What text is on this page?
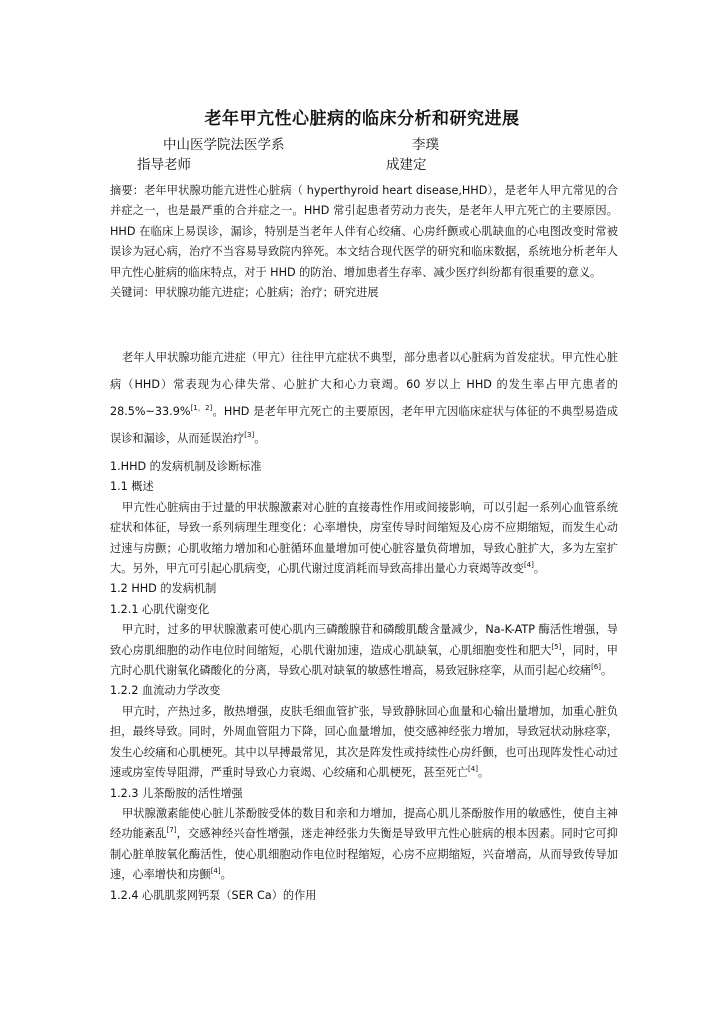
老年甲亢性心脏病的临床分析和研究进展
中山医学院法医学系	李璞
指导老师	成建定

摘要：老年甲状腺功能亢进性心脏病（ hyperthyroid heart disease,HHD），是老年人甲亢常见的合并症之一，也是最严重的合并症之一。HHD 常引起患者劳动力丧失，是老年人甲亢死亡的主要原因。HHD 在临床上易误诊，漏诊，特别是当老年人伴有心绞痛、心房纤颤或心肌缺血的心电图改变时常被误诊为冠心病，治疗不当容易导致院内猝死。本文结合现代医学的研究和临床数据，系统地分析老年人甲亢性心脏病的临床特点，对于 HHD 的防治、增加患者生存率、减少医疗纠纷都有很重要的意义。

关键词：甲状腺功能亢进症；心脏病；治疗；研究进展

老年人甲状腺功能亢进症（甲亢）往往甲亢症状不典型，部分患者以心脏病为首发症状。甲亢性心脏病（HHD）常表现为心律失常、心脏扩大和心力衰竭。60 岁以上 HHD 的发生率占甲亢患者的 28.5%~33.9%[1，2]。HHD 是老年甲亢死亡的主要原因，老年甲亢因临床症状与体征的不典型易造成误诊和漏诊，从而延误治疗[3]。

1.HHD 的发病机制及诊断标准

1.1 概述

甲亢性心脏病由于过量的甲状腺激素对心脏的直接毒性作用或间接影响，可以引起一系列心血管系统症状和体征，导致一系列病理生理变化：心率增快，房室传导时间缩短及心房不应期缩短，而发生心动过速与房颤；心肌收缩力增加和心脏循环血量增加可使心脏容量负荷增加，导致心脏扩大，多为左室扩大。另外，甲亢可引起心肌病变，心肌代谢过度消耗而导致高排出量心力衰竭等改变[4]。

1.2 HHD 的发病机制

1.2.1 心肌代谢变化

甲亢时，过多的甲状腺激素可使心肌内三磷酸腺苷和磷酸肌酸含量减少，Na-K-ATP 酶活性增强，导致心房肌细胞的动作电位时间缩短，心肌代谢加速，造成心肌缺氧，心肌细胞变性和肥大[5]，同时，甲亢时心肌代谢氧化磷酸化的分离，导致心肌对缺氧的敏感性增高，易致冠脉痉挛，从而引起心绞痛[6]。

1.2.2 血流动力学改变

甲亢时，产热过多，散热增强，皮肤毛细血管扩张，导致静脉回心血量和心输出量增加，加重心脏负担，最终导致。同时，外周血管阻力下降，回心血量增加，使交感神经张力增加，导致冠状动脉痉挛，发生心绞痛和心肌梗死。其中以早搏最常见，其次是阵发性或持续性心房纤颤，也可出现阵发性心动过速或房室传导阻滞，严重时导致心力衰竭、心绞痛和心肌梗死，甚至死亡[4]。

1.2.3 儿茶酚胺的活性增强

甲状腺激素能使心脏儿茶酚胺受体的数目和亲和力增加，提高心肌儿茶酚胺作用的敏感性，使自主神经功能紊乱[7]，交感神经兴奋性增强，迷走神经张力失衡是导致甲亢性心脏病的根本因素。同时它可抑制心脏单胺氧化酶活性，使心肌细胞动作电位时程缩短，心房不应期缩短，兴奋增高，从而导致传导加速，心率增快和房颤[4]。

1.2.4 心肌肌浆网钙泵（SER Ca）的作用
